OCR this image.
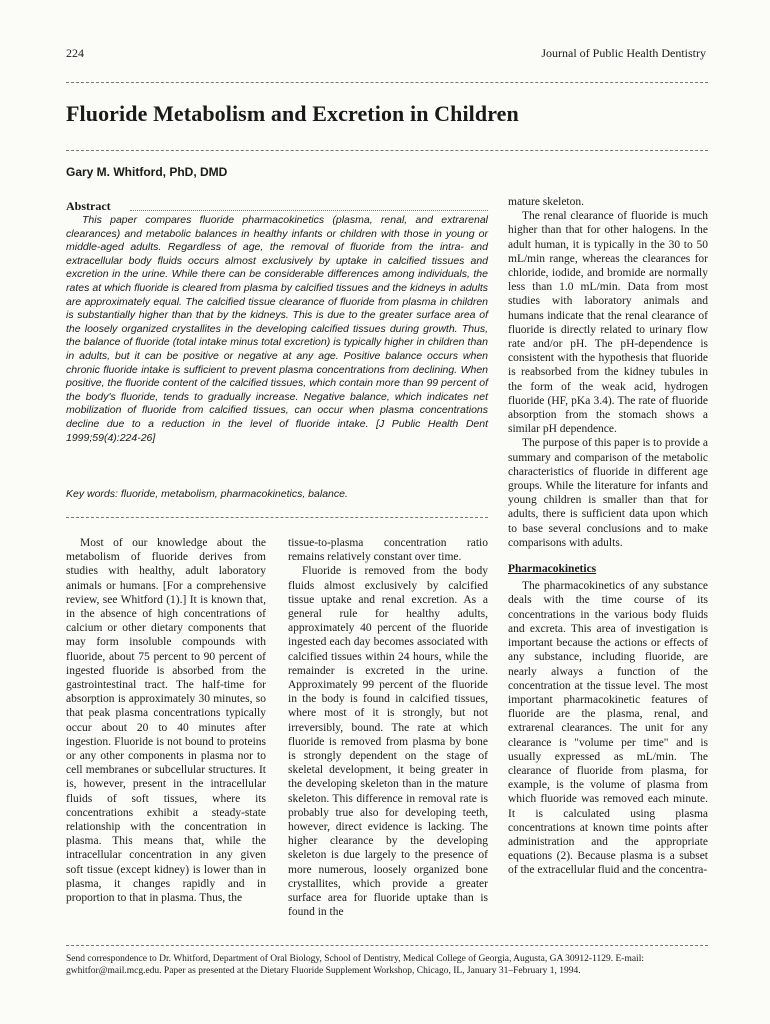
224	Journal of Public Health Dentistry
Fluoride Metabolism and Excretion in Children
Gary M. Whitford, PhD, DMD
Abstract

This paper compares fluoride pharmacokinetics (plasma, renal, and extrarenal clearances) and metabolic balances in healthy infants or children with those in young or middle-aged adults. Regardless of age, the removal of fluoride from the intra- and extracellular body fluids occurs almost exclusively by uptake in calcified tissues and excretion in the urine. While there can be considerable differences among individuals, the rates at which fluoride is cleared from plasma by calcified tissues and the kidneys in adults are approximately equal. The calcified tissue clearance of fluoride from plasma in children is substantially higher than that by the kidneys. This is due to the greater surface area of the loosely organized crystallites in the developing calcified tissues during growth. Thus, the balance of fluoride (total intake minus total excretion) is typically higher in children than in adults, but it can be positive or negative at any age. Positive balance occurs when chronic fluoride intake is sufficient to prevent plasma concentrations from declining. When positive, the fluoride content of the calcified tissues, which contain more than 99 percent of the body's fluoride, tends to gradually increase. Negative balance, which indicates net mobilization of fluoride from calcified tissues, can occur when plasma concentrations decline due to a reduction in the level of fluoride intake. [J Public Health Dent 1999;59(4):224-26]

Key words: fluoride, metabolism, pharmacokinetics, balance.

Most of our knowledge about the metabolism of fluoride derives from studies with healthy, adult laboratory animals or humans. [For a comprehensive review, see Whitford (1).] It is known that, in the absence of high concentrations of calcium or other dietary components that may form insoluble compounds with fluoride, about 75 percent to 90 percent of ingested fluoride is absorbed from the gastrointestinal tract. The half-time for absorption is approximately 30 minutes, so that peak plasma concentrations typically occur about 20 to 40 minutes after ingestion. Fluoride is not bound to proteins or any other components in plasma nor to cell membranes or subcellular structures. It is, however, present in the intracellular fluids of soft tissues, where its concentrations exhibit a steady-state relationship with the concentration in plasma. This means that, while the intracellular concentration in any given soft tissue (except kidney) is lower than in plasma, it changes rapidly and in proportion to that in plasma. Thus, the

tissue-to-plasma concentration ratio remains relatively constant over time.

Fluoride is removed from the body fluids almost exclusively by calcified tissue uptake and renal excretion. As a general rule for healthy adults, approximately 40 percent of the fluoride ingested each day becomes associated with calcified tissues within 24 hours, while the remainder is excreted in the urine. Approximately 99 percent of the fluoride in the body is found in calcified tissues, where most of it is strongly, but not irreversibly, bound. The rate at which fluoride is removed from plasma by bone is strongly dependent on the stage of skeletal development, it being greater in the developing skeleton than in the mature skeleton. This difference in removal rate is probably true also for developing teeth, however, direct evidence is lacking. The higher clearance by the developing skeleton is due largely to the presence of more numerous, loosely organized bone crystallites, which provide a greater surface area for fluoride uptake than is found in the

mature skeleton.

The renal clearance of fluoride is much higher than that for other halogens. In the adult human, it is typically in the 30 to 50 mL/min range, whereas the clearances for chloride, iodide, and bromide are normally less than 1.0 mL/min. Data from most studies with laboratory animals and humans indicate that the renal clearance of fluoride is directly related to urinary flow rate and/or pH. The pH-dependence is consistent with the hypothesis that fluoride is reabsorbed from the kidney tubules in the form of the weak acid, hydrogen fluoride (HF, pKa 3.4). The rate of fluoride absorption from the stomach shows a similar pH dependence.

The purpose of this paper is to provide a summary and comparison of the metabolic characteristics of fluoride in different age groups. While the literature for infants and young children is smaller than that for adults, there is sufficient data upon which to base several conclusions and to make comparisons with adults.

Pharmacokinetics

The pharmacokinetics of any substance deals with the time course of its concentrations in the various body fluids and excreta. This area of investigation is important because the actions or effects of any substance, including fluoride, are nearly always a function of the concentration at the tissue level. The most important pharmacokinetic features of fluoride are the plasma, renal, and extrarenal clearances. The unit for any clearance is "volume per time" and is usually expressed as mL/min. The clearance of fluoride from plasma, for example, is the volume of plasma from which fluoride was removed each minute. It is calculated using plasma concentrations at known time points after administration and the appropriate equations (2). Because plasma is a subset of the extracellular fluid and the concentra-

Send correspondence to Dr. Whitford, Department of Oral Biology, School of Dentistry, Medical College of Georgia, Augusta, GA 30912-1129. E-mail: gwhitfor@mail.mcg.edu. Paper as presented at the Dietary Fluoride Supplement Workshop, Chicago, IL, January 31–February 1, 1994.
